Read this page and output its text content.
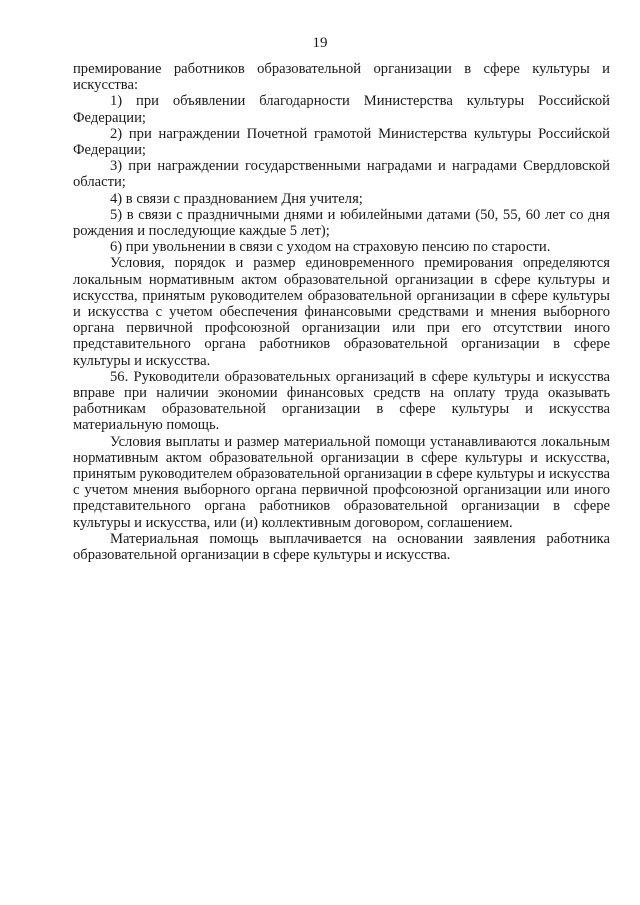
19

премирование работников образовательной организации в сфере культуры и искусства:

1) при объявлении благодарности Министерства культуры Российской Федерации;

2) при награждении Почетной грамотой Министерства культуры Российской Федерации;

3) при награждении государственными наградами и наградами Свердловской области;

4) в связи с празднованием Дня учителя;

5) в связи с праздничными днями и юбилейными датами (50, 55, 60 лет со дня рождения и последующие каждые 5 лет);

6) при увольнении в связи с уходом на страховую пенсию по старости.

Условия, порядок и размер единовременного премирования определяются локальным нормативным актом образовательной организации в сфере культуры и искусства, принятым руководителем образовательной организации в сфере культуры и искусства с учетом обеспечения финансовыми средствами и мнения выборного органа первичной профсоюзной организации или при его отсутствии иного представительного органа работников образовательной организации в сфере культуры и искусства.

56. Руководители образовательных организаций в сфере культуры и искусства вправе при наличии экономии финансовых средств на оплату труда оказывать работникам образовательной организации в сфере культуры и искусства материальную помощь.

Условия выплаты и размер материальной помощи устанавливаются локальным нормативным актом образовательной организации в сфере культуры и искусства, принятым руководителем образовательной организации в сфере культуры и искусства с учетом мнения выборного органа первичной профсоюзной организации или иного представительного органа работников образовательной организации в сфере культуры и искусства, или (и) коллективным договором, соглашением.

Материальная помощь выплачивается на основании заявления работника образовательной организации в сфере культуры и искусства.
